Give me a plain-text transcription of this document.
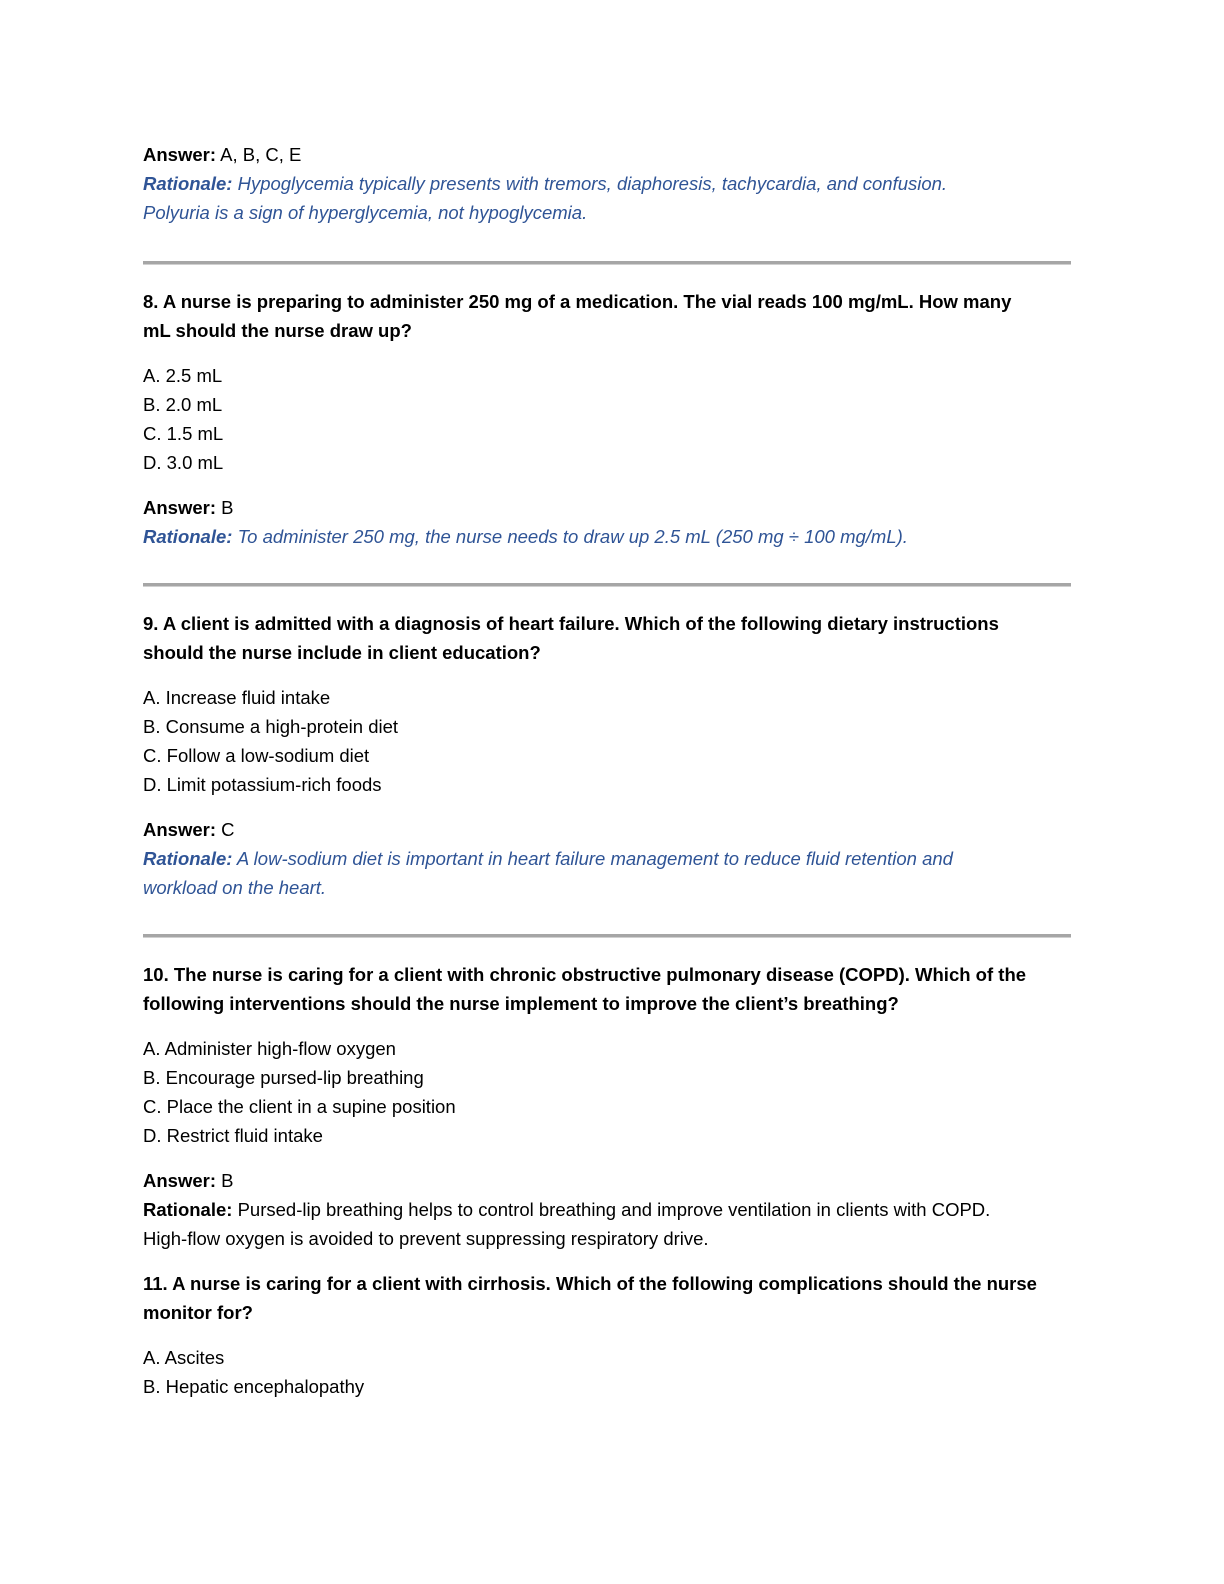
Answer: A, B, C, E
Rationale: Hypoglycemia typically presents with tremors, diaphoresis, tachycardia, and confusion.
Polyuria is a sign of hyperglycemia, not hypoglycemia.
8. A nurse is preparing to administer 250 mg of a medication. The vial reads 100 mg/mL. How many
mL should the nurse draw up?
A. 2.5 mL
B. 2.0 mL
C. 1.5 mL
D. 3.0 mL
Answer: B
Rationale: To administer 250 mg, the nurse needs to draw up 2.5 mL (250 mg ÷ 100 mg/mL).
9. A client is admitted with a diagnosis of heart failure. Which of the following dietary instructions
should the nurse include in client education?
A. Increase fluid intake
B. Consume a high-protein diet
C. Follow a low-sodium diet
D. Limit potassium-rich foods
Answer: C
Rationale: A low-sodium diet is important in heart failure management to reduce fluid retention and
workload on the heart.
10. The nurse is caring for a client with chronic obstructive pulmonary disease (COPD). Which of the
following interventions should the nurse implement to improve the client’s breathing?
A. Administer high-flow oxygen
B. Encourage pursed-lip breathing
C. Place the client in a supine position
D. Restrict fluid intake
Answer: B
Rationale: Pursed-lip breathing helps to control breathing and improve ventilation in clients with COPD.
High-flow oxygen is avoided to prevent suppressing respiratory drive.
11. A nurse is caring for a client with cirrhosis. Which of the following complications should the nurse
monitor for?
A. Ascites
B. Hepatic encephalopathy
